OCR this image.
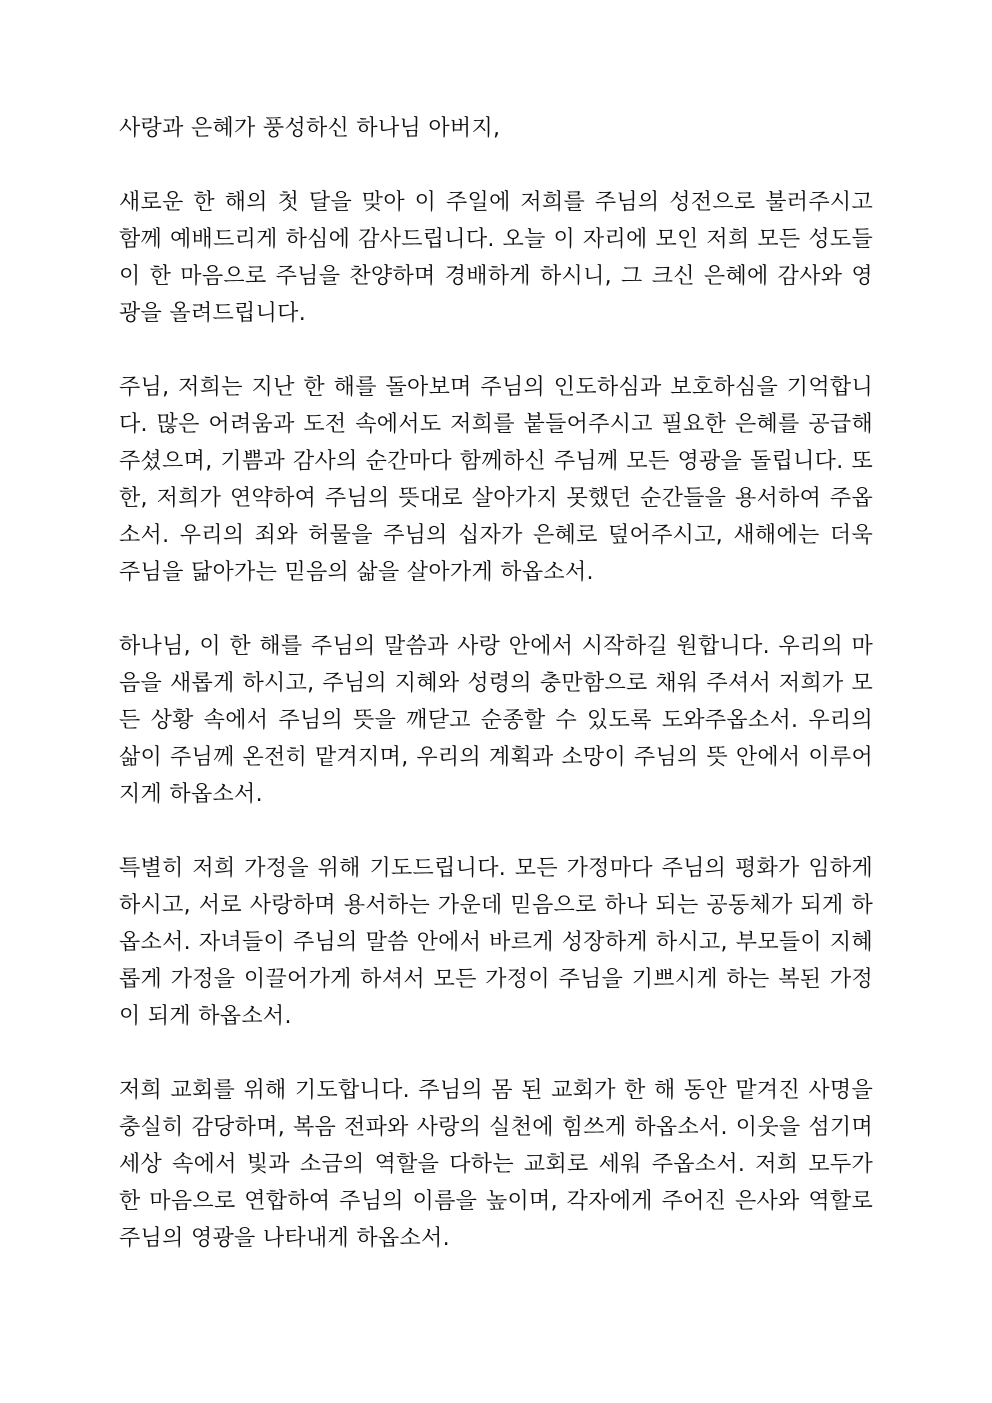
사랑과 은혜가 풍성하신 하나님 아버지,

새로운 한 해의 첫 달을 맞아 이 주일에 저희를 주님의 성전으로 불러주시고 함께 예배드리게 하심에 감사드립니다. 오늘 이 자리에 모인 저희 모든 성도들이 한 마음으로 주님을 찬양하며 경배하게 하시니, 그 크신 은혜에 감사와 영광을 올려드립니다.

주님, 저희는 지난 한 해를 돌아보며 주님의 인도하심과 보호하심을 기억합니다. 많은 어려움과 도전 속에서도 저희를 붙들어주시고 필요한 은혜를 공급해주셨으며, 기쁨과 감사의 순간마다 함께하신 주님께 모든 영광을 돌립니다. 또한, 저희가 연약하여 주님의 뜻대로 살아가지 못했던 순간들을 용서하여 주옵소서. 우리의 죄와 허물을 주님의 십자가 은혜로 덮어주시고, 새해에는 더욱 주님을 닮아가는 믿음의 삶을 살아가게 하옵소서.

하나님, 이 한 해를 주님의 말씀과 사랑 안에서 시작하길 원합니다. 우리의 마음을 새롭게 하시고, 주님의 지혜와 성령의 충만함으로 채워 주셔서 저희가 모든 상황 속에서 주님의 뜻을 깨닫고 순종할 수 있도록 도와주옵소서. 우리의 삶이 주님께 온전히 맡겨지며, 우리의 계획과 소망이 주님의 뜻 안에서 이루어지게 하옵소서.

특별히 저희 가정을 위해 기도드립니다. 모든 가정마다 주님의 평화가 임하게 하시고, 서로 사랑하며 용서하는 가운데 믿음으로 하나 되는 공동체가 되게 하옵소서. 자녀들이 주님의 말씀 안에서 바르게 성장하게 하시고, 부모들이 지혜롭게 가정을 이끌어가게 하셔서 모든 가정이 주님을 기쁘시게 하는 복된 가정이 되게 하옵소서.

저희 교회를 위해 기도합니다. 주님의 몸 된 교회가 한 해 동안 맡겨진 사명을 충실히 감당하며, 복음 전파와 사랑의 실천에 힘쓰게 하옵소서. 이웃을 섬기며 세상 속에서 빛과 소금의 역할을 다하는 교회로 세워 주옵소서. 저희 모두가 한 마음으로 연합하여 주님의 이름을 높이며, 각자에게 주어진 은사와 역할로 주님의 영광을 나타내게 하옵소서.
